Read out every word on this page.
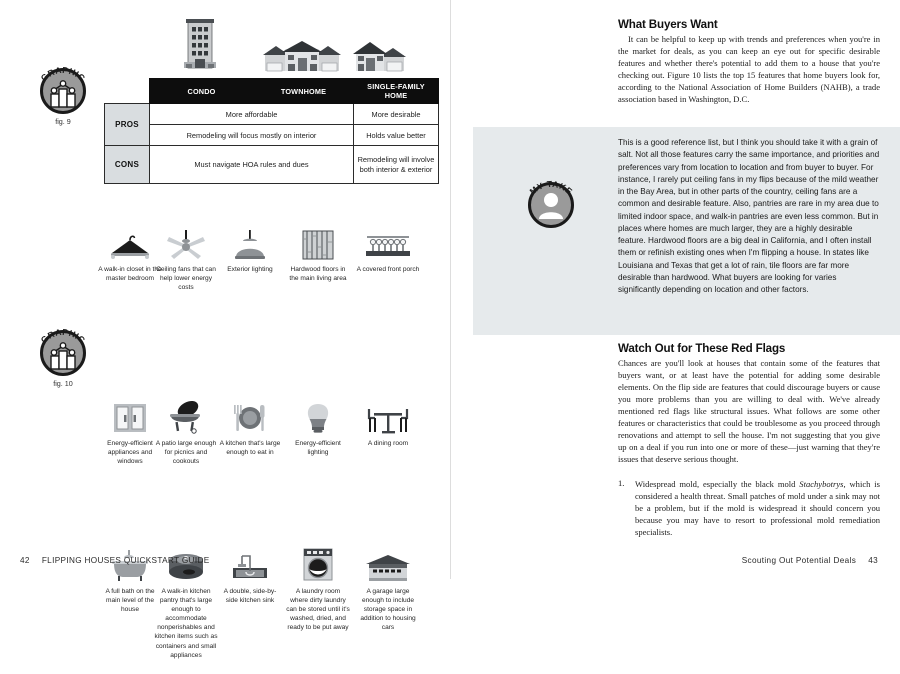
GRAPHIC
fig. 9
GRAPHIC
fig. 10
	CONDO	TOWNHOME	SINGLE-FAMILY HOME
PROS	More affordable		More desirable
	Remodeling will focus mostly on interior		Holds value better
CONS	Must navigate HOA rules and dues		Remodeling will involve both interior & exterior
A walk-in closet in the master bedroom
Ceiling fans that can help lower energy costs
Exterior lighting	Hardwood floors in the main living area
A covered front porch
Energy-efficient appliances and windows
A patio large enough for picnics and cookouts
A kitchen that's large enough to eat in
Energy-efficient lighting
A dining room
A full bath on the main level of the house
A walk-in kitchen pantry that's large enough to accommodate nonperishables and kitchen items such as containers and small appliances
A double, side-by-side kitchen sink
A laundry room where dirty laundry can be stored until it's washed, dried, and ready to be put away
A garage large enough to include storage space in addition to housing cars
42 FLIPPING HOUSES QUICKSTART GUIDE
What Buyers Want

It can be helpful to keep up with trends and preferences when you're in the market for deals, as you can keep an eye out for specific desirable features and whether there's potential to add them to a house that you're checking out. Figure 10 lists the top 15 features that home buyers look for, according to the National Association of Home Builders (NAHB), a trade association based in Washington, D.C.

MY TAKE
This is a good reference list, but I think you should take it with a grain of salt. Not all those features carry the same importance, and priorities and preferences vary from location to location and from buyer to buyer. For instance, I rarely put ceiling fans in my flips because of the mild weather in the Bay Area, but in other parts of the country, ceiling fans are a common and desirable feature. Also, pantries are rare in my area due to limited indoor space, and walk-in pantries are even less common. But in places where homes are much larger, they are a highly desirable feature. Hardwood floors are a big deal in California, and I often install them or refinish existing ones when I'm flipping a house. In states like Louisiana and Texas that get a lot of rain, tile floors are far more desirable than hardwood. What buyers are looking for varies significantly depending on location and other factors.
Watch Out for These Red Flags

Chances are you'll look at houses that contain some of the features that buyers want, or at least have the potential for adding some desirable elements. On the flip side are features that could discourage buyers or cause you more problems than you are willing to deal with. We've already mentioned red flags like structural issues. What follows are some other features or characteristics that could be troublesome as you proceed through renovations and attempt to sell the house. I'm not suggesting that you give up on a deal if you run into one or more of these—just warning that they're issues that deserve serious thought.

1. Widespread mold, especially the black mold Stachybotrys, which is considered a health threat. Small patches of mold under a sink may not be a problem, but if the mold is widespread it should concern you because you may have to resort to professional mold remediation specialists.

Scouting Out Potential Deals 43
